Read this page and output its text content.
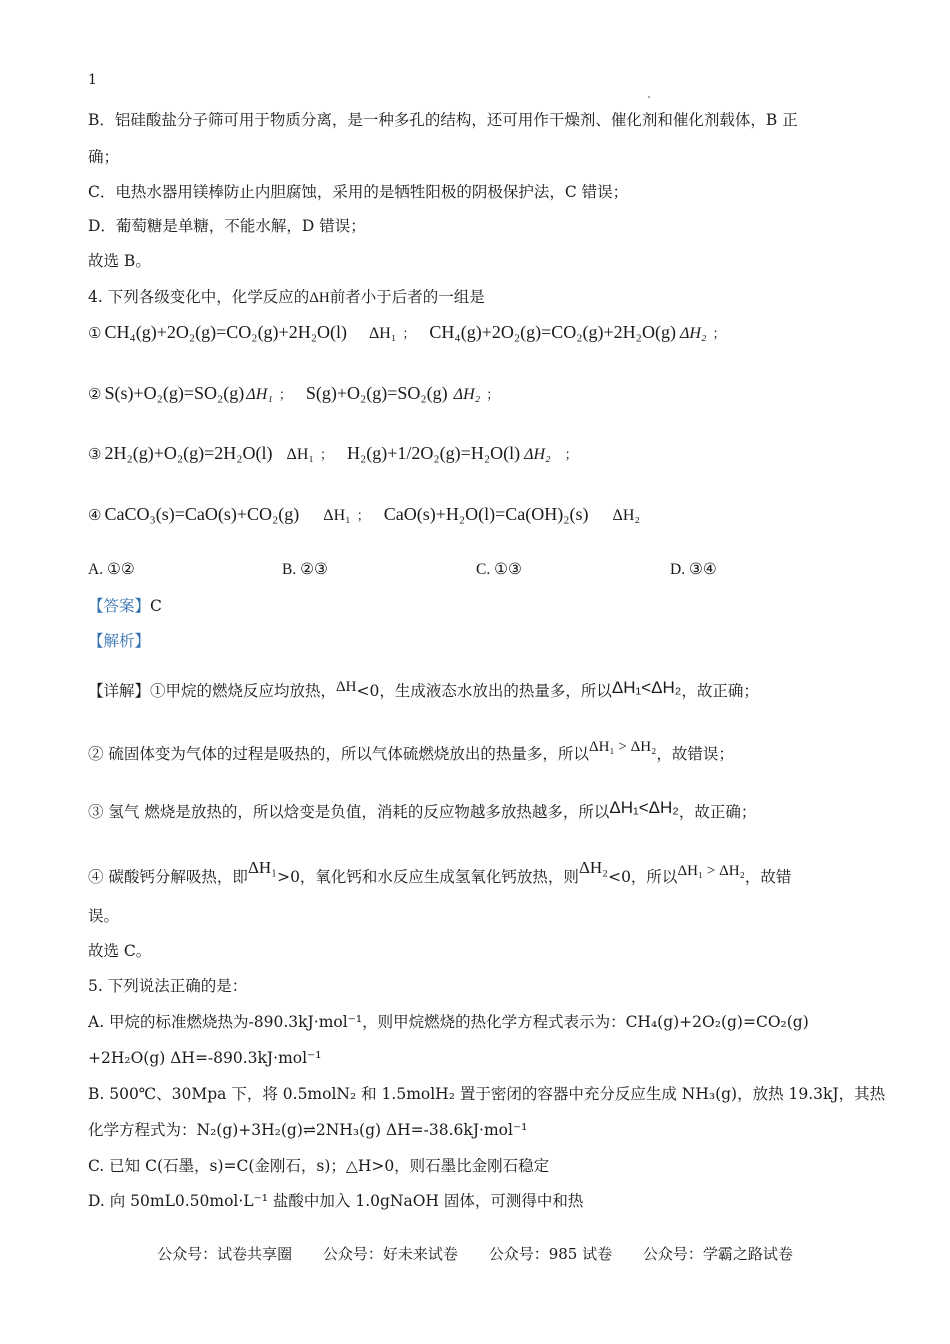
1
B．铝硅酸盐分子筛可用于物质分离，是一种多孔的结构，还可用作干燥剂、催化剂和催化剂载体，B 正
确；
C．电热水器用镁棒防止内胆腐蚀，采用的是牺牲阳极的阴极保护法，C 错误；
D．葡萄糖是单糖，不能水解，D 错误；
故选 B。
4. 下列各级变化中，化学反应的ΔH前者小于后者的一组是
① CH₄(g)+2O₂(g)=CO₂(g)+2H₂O(l) ΔH₁ ； CH₄(g)+2O₂(g)=CO₂(g)+2H₂O(g) ΔH₂ ；
② S(s)+O₂(g)=SO₂(g) ΔH₁ ； S(g)+O₂(g)=SO₂(g) ΔH₂ ；
③ 2H₂(g)+O₂(g)=2H₂O(l) ΔH₁ ； H₂(g)+1/2O₂(g)=H₂O(l) ΔH₂ ；
④ CaCO₃(s)=CaO(s)+CO₂(g) ΔH₁ ； CaO(s)+H₂O(l)=Ca(OH)₂(s) ΔH₂
A. ①②	B. ②③	C. ①③	D. ③④
【答案】C
【解析】
【详解】①甲烷的燃烧反应均放热，ΔH<0，生成液态水放出的热量多，所以ΔH₁<ΔH₂，故正确；
② 硫固体变为气体的过程是吸热的，所以气体硫燃烧放出的热量多，所以ΔH₁ > ΔH₂，故错误；
③ 氢气 燃烧是放热的，所以焓变是负值，消耗的反应物越多放热越多，所以ΔH₁<ΔH₂，故正确；
④ 碳酸钙分解吸热，即ΔH₁>0，氧化钙和水反应生成氢氧化钙放热，则ΔH₂<0，所以ΔH₁ > ΔH₂，故错
误。
故选 C。
5. 下列说法正确的是：
A. 甲烷的标准燃烧热为-890.3kJ·mol⁻¹，则甲烷燃烧的热化学方程式表示为：CH₄(g)+2O₂(g)=CO₂(g)
+2H₂O(g) ΔH=-890.3kJ·mol⁻¹
B. 500℃、30Mpa 下，将 0.5molN₂ 和 1.5molH₂ 置于密闭的容器中充分反应生成 NH₃(g)，放热 19.3kJ，其热
化学方程式为：N₂(g)+3H₂(g)⇌2NH₃(g) ΔH=-38.6kJ·mol⁻¹
C. 已知 C(石墨，s)=C(金刚石，s)；△H>0，则石墨比金刚石稳定
D. 向 50mL0.50mol·L⁻¹ 盐酸中加入 1.0gNaOH 固体，可测得中和热
公众号：试卷共享圈 公众号：好未来试卷 公众号：985 试卷 公众号：学霸之路试卷
